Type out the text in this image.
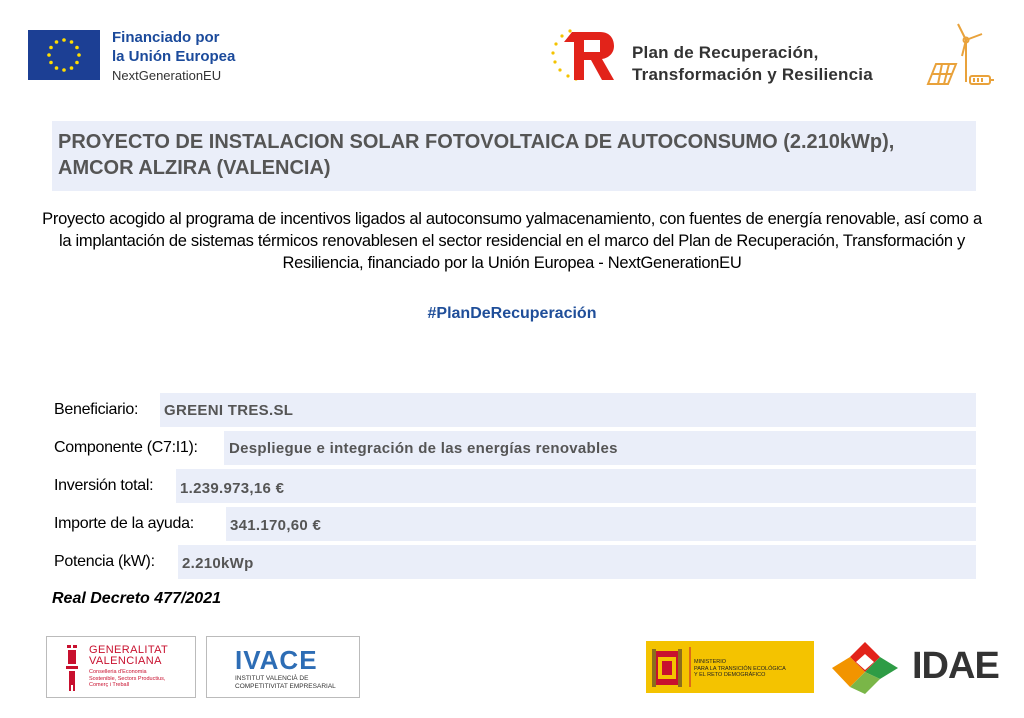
Financiado por
la Unión Europea
NextGenerationEU
Plan de Recuperación,
Transformación y Resiliencia
PROYECTO DE INSTALACION SOLAR FOTOVOLTAICA DE AUTOCONSUMO (2.210kWp), AMCOR ALZIRA (VALENCIA)
Proyecto acogido al programa de incentivos ligados al autoconsumo yalmacenamiento, con fuentes de energía renovable, así como a la implantación de sistemas térmicos renovablesen el sector residencial en el marco del Plan de Recuperación, Transformación y Resiliencia, financiado por la Unión Europea - NextGenerationEU
#PlanDeRecuperación
Beneficiario: GREENI TRES.SL
Componente (C7:I1): Despliegue e integración de las energías renovables
Inversión total: 1.239.973,16 €
Importe de la ayuda: 341.170,60 €
Potencia (kW): 2.210kWp
Real Decreto 477/2021
GENERALITAT
VALENCIANA
Conselleria d'Economia
Sostenible, Sectors Productius,
Comerç i Treball
IVACE
INSTITUT VALENCIÀ DE
COMPETITIVITAT EMPRESARIAL
MINISTERIO
PARA LA TRANSICIÓN ECOLÓGICA
Y EL RETO DEMOGRÁFICO	IDAE
